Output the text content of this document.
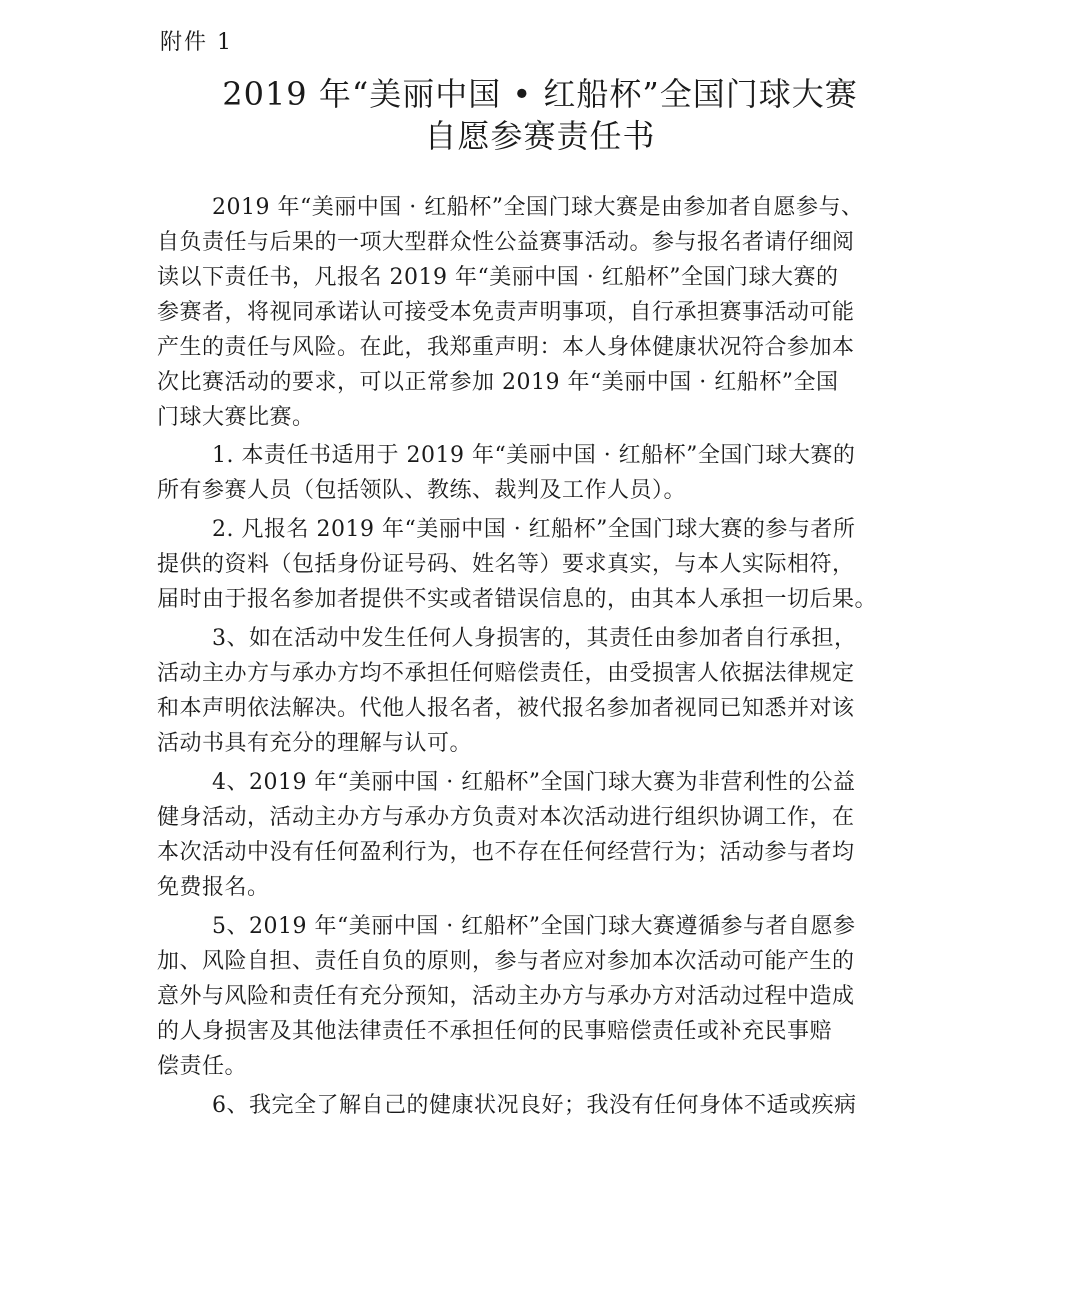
附件 1
2019 年“美丽中国 • 红船杯”全国门球大赛
自愿参赛责任书

2019 年“美丽中国 · 红船杯”全国门球大赛是由参加者自愿参与、
自负责任与后果的一项大型群众性公益赛事活动。参与报名者请仔细阅
读以下责任书，凡报名 2019 年“美丽中国 · 红船杯”全国门球大赛的
参赛者，将视同承诺认可接受本免责声明事项，自行承担赛事活动可能
产生的责任与风险。在此，我郑重声明：本人身体健康状况符合参加本
次比赛活动的要求，可以正常参加 2019 年“美丽中国 · 红船杯”全国
门球大赛比赛。

1. 本责任书适用于 2019 年“美丽中国 · 红船杯”全国门球大赛的
所有参赛人员（包括领队、教练、裁判及工作人员）。

2. 凡报名 2019 年“美丽中国 · 红船杯”全国门球大赛的参与者所
提供的资料（包括身份证号码、姓名等）要求真实，与本人实际相符，
届时由于报名参加者提供不实或者错误信息的，由其本人承担一切后果。

3、如在活动中发生任何人身损害的，其责任由参加者自行承担，
活动主办方与承办方均不承担任何赔偿责任，由受损害人依据法律规定
和本声明依法解决。代他人报名者，被代报名参加者视同已知悉并对该
活动书具有充分的理解与认可。

4、2019 年“美丽中国 · 红船杯”全国门球大赛为非营利性的公益
健身活动，活动主办方与承办方负责对本次活动进行组织协调工作，在
本次活动中没有任何盈利行为，也不存在任何经营行为；活动参与者均
免费报名。

5、2019 年“美丽中国 · 红船杯”全国门球大赛遵循参与者自愿参
加、风险自担、责任自负的原则，参与者应对参加本次活动可能产生的
意外与风险和责任有充分预知，活动主办方与承办方对活动过程中造成
的人身损害及其他法律责任不承担任何的民事赔偿责任或补充民事赔
偿责任。

6、我完全了解自己的健康状况良好；我没有任何身体不适或疾病
